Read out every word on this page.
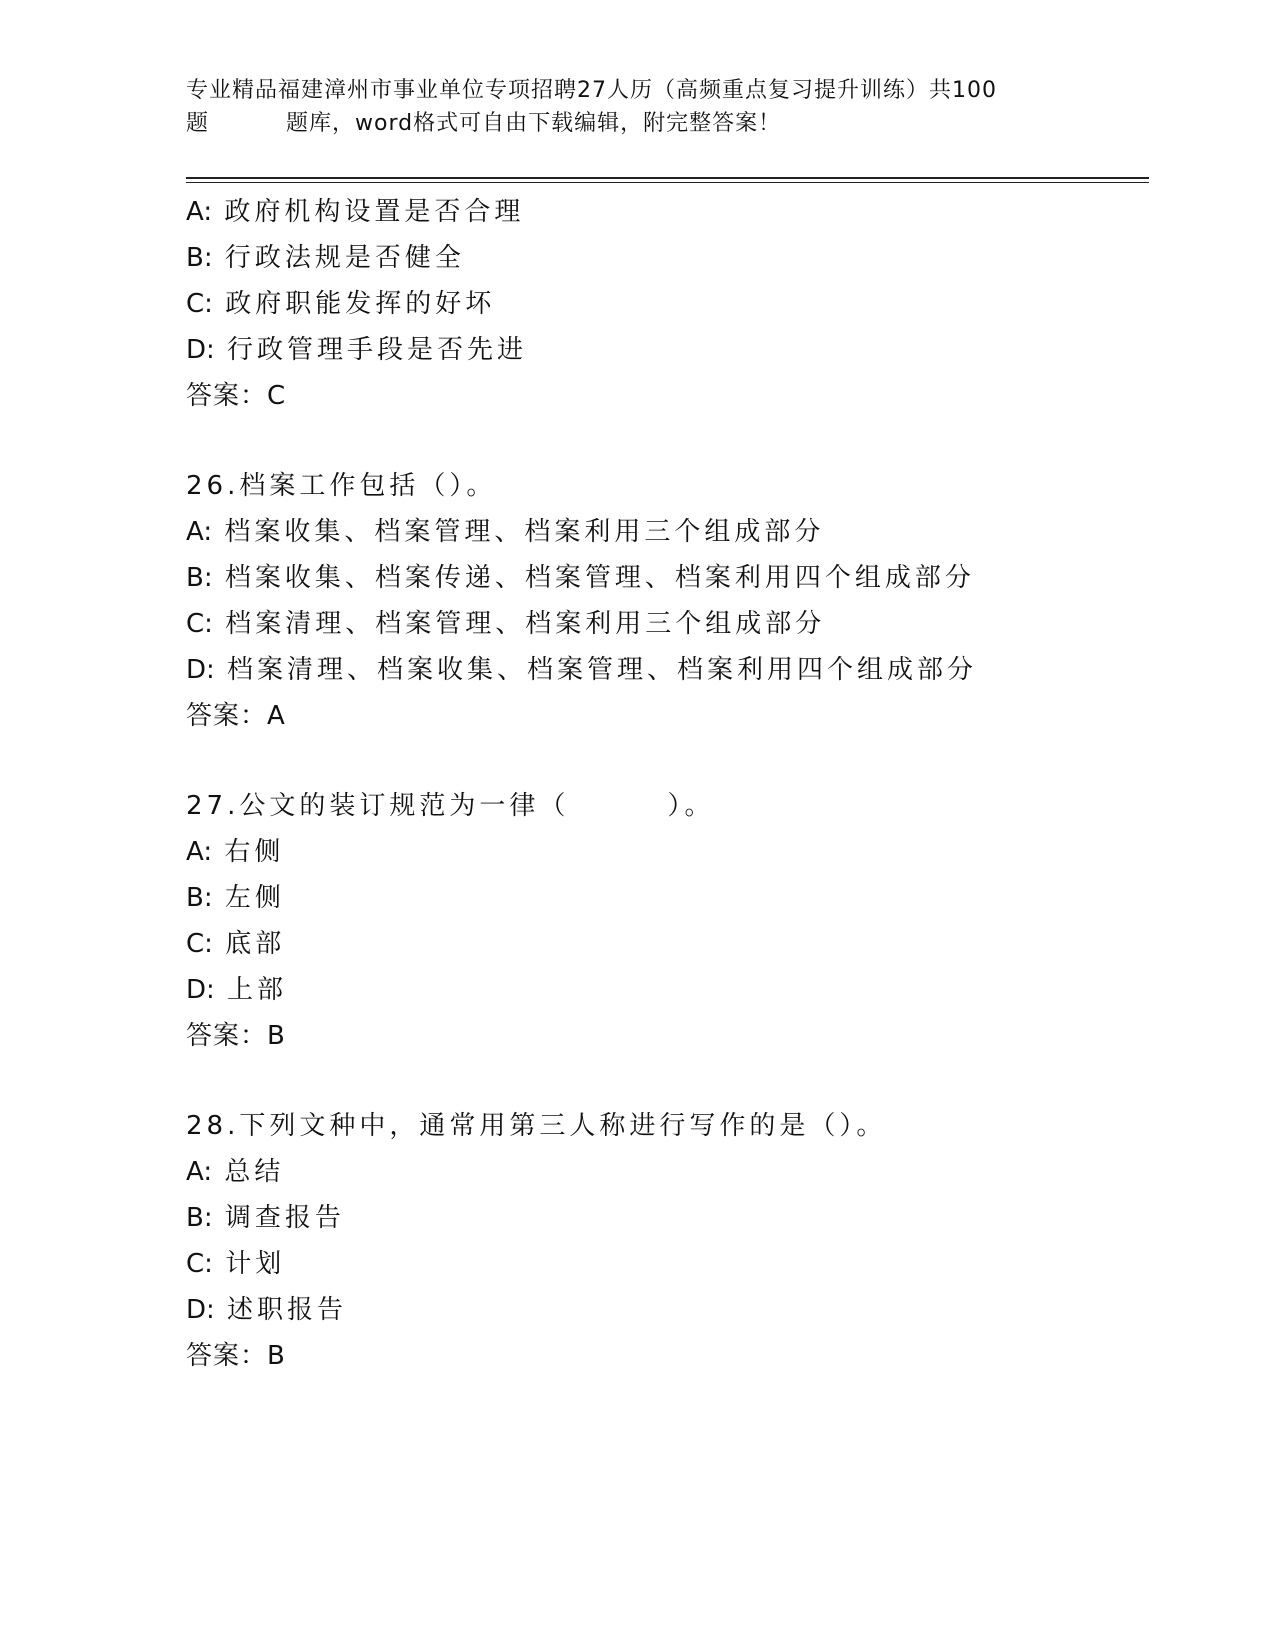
专业精品福建漳州市事业单位专项招聘27人历（高频重点复习提升训练）共100
题	题库，word格式可自由下载编辑，附完整答案！
A: 政府机构设置是否合理
B: 行政法规是否健全
C: 政府职能发挥的好坏
D: 行政管理手段是否先进
答案：C
26.档案工作包括（）。
A: 档案收集、档案管理、档案利用三个组成部分
B: 档案收集、档案传递、档案管理、档案利用四个组成部分
C: 档案清理、档案管理、档案利用三个组成部分
D: 档案清理、档案收集、档案管理、档案利用四个组成部分
答案：A
27.公文的装订规范为一律（        ）。
A: 右侧
B: 左侧
C: 底部
D: 上部
答案：B
28.下列文种中，通常用第三人称进行写作的是（）。
A: 总结
B: 调查报告
C: 计划
D: 述职报告
答案：B
